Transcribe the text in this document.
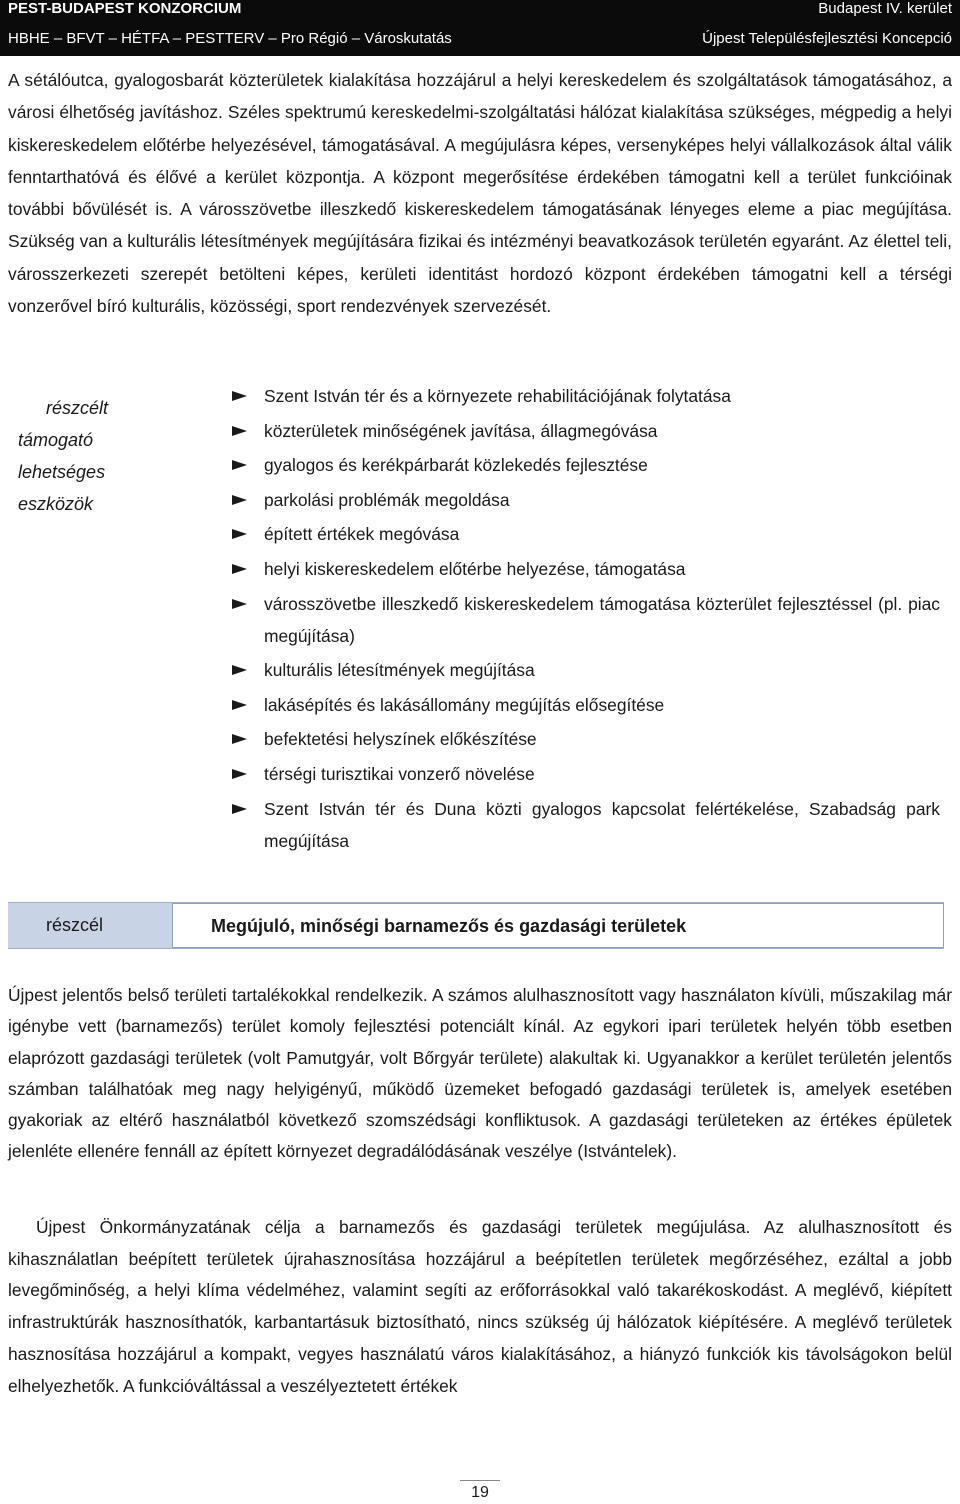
PEST-BUDAPEST KONZORCIUM	Budapest IV. kerület
HBHE – BFVT – HÉTFA – PESTTERV – Pro Régió – Városkutatás	Újpest Településfejlesztési Koncepció

A sétálóutca, gyalogosbarát közterületek kialakítása hozzájárul a helyi kereskedelem és szolgáltatások támogatásához, a városi élhetőség javításhoz. Széles spektrumú kereskedelmi-szolgáltatási hálózat kialakítása szükséges, mégpedig a helyi kiskereskedelem előtérbe helyezésével, támogatásával. A megújulásra képes, versenyképes helyi vállalkozások által válik fenntarthatóvá és élővé a kerület központja. A központ megerősítése érdekében támogatni kell a terület funkcióinak további bővülését is. A városszövetbe illeszkedő kiskereskedelem támogatásának lényeges eleme a piac megújítása. Szükség van a kulturális létesítmények megújítására fizikai és intézményi beavatkozások területén egyaránt. Az élettel teli, városszerkezeti szerepét betölteni képes, kerületi identitást hordozó központ érdekében támogatni kell a térségi vonzerővel bíró kulturális, közösségi, sport rendezvények szervezését.

részcélt
támogató
lehetséges
eszközök
Szent István tér és a környezete rehabilitációjának folytatása
közterületek minőségének javítása, állagmegóvása
gyalogos és kerékpárbarát közlekedés fejlesztése
parkolási problémák megoldása
épített értékek megóvása
helyi kiskereskedelem előtérbe helyezése, támogatása
városszövetbe illeszkedő kiskereskedelem támogatása közterület fejlesztéssel (pl. piac megújítása)
kulturális létesítmények megújítása
lakásépítés és lakásállomány megújítás elősegítése
befektetési helyszínek előkészítése
térségi turisztikai vonzerő növelése
Szent István tér és Duna közti gyalogos kapcsolat felértékelése, Szabadság park megújítása
részcél	Megújuló, minőségi barnamezős és gazdasági területek

Újpest jelentős belső területi tartalékokkal rendelkezik. A számos alulhasznosított vagy használaton kívüli, műszakilag már igénybe vett (barnamezős) terület komoly fejlesztési potenciált kínál. Az egykori ipari területek helyén több esetben elaprózott gazdasági területek (volt Pamutgyár, volt Bőrgyár területe) alakultak ki. Ugyanakkor a kerület területén jelentős számban találhatóak meg nagy helyigényű, működő üzemeket befogadó gazdasági területek is, amelyek esetében gyakoriak az eltérő használatból következő szomszédsági konfliktusok. A gazdasági területeken az értékes épületek jelenléte ellenére fennáll az épített környezet degradálódásának veszélye (Istvántelek).

Újpest Önkormányzatának célja a barnamezős és gazdasági területek megújulása. Az alulhasznosított és kihasználatlan beépített területek újrahasznosítása hozzájárul a beépítetlen területek megőrzéséhez, ezáltal a jobb levegőminőség, a helyi klíma védelméhez, valamint segíti az erőforrásokkal való takarékoskodást. A meglévő, kiépített infrastruktúrák hasznosíthatók, karbantartásuk biztosítható, nincs szükség új hálózatok kiépítésére. A meglévő területek hasznosítása hozzájárul a kompakt, vegyes használatú város kialakításához, a hiányzó funkciók kis távolságokon belül elhelyezhetők. A funkcióváltással a veszélyeztetett értékek

19
